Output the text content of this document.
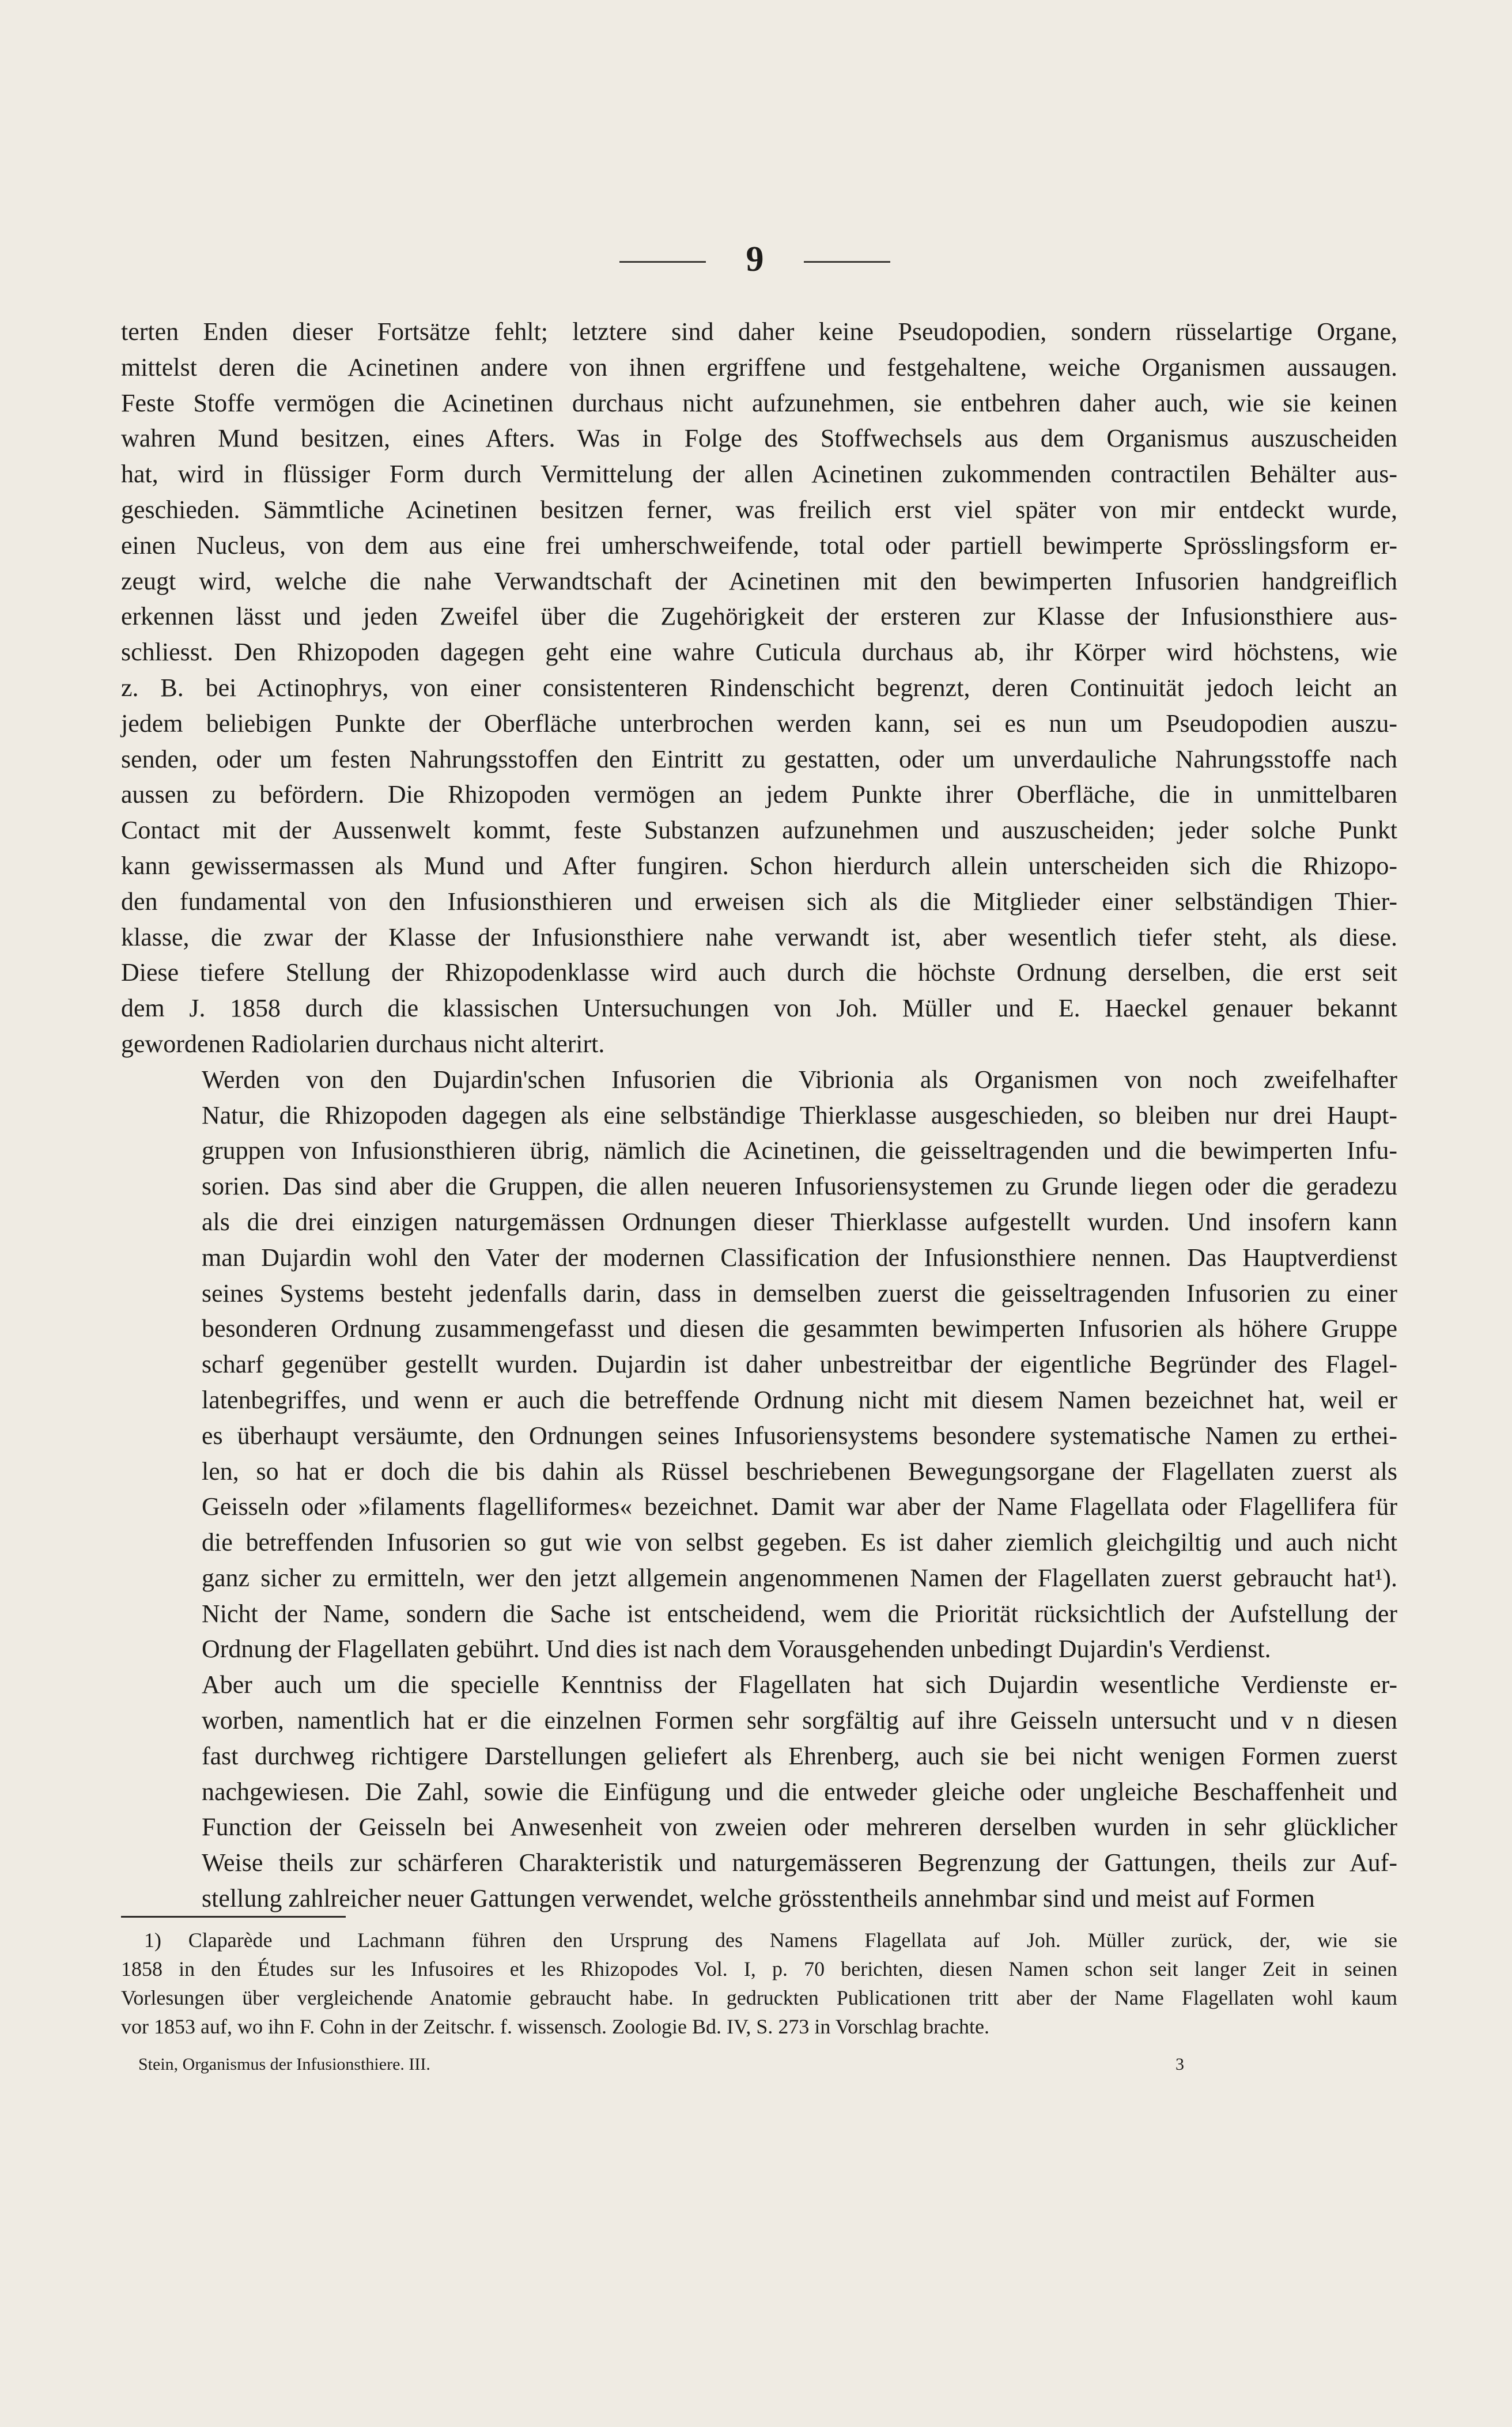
9

terten Enden dieser Fortsätze fehlt; letztere sind daher keine Pseudopodien, sondern rüsselartige Organe,
mittelst deren die Acinetinen andere von ihnen ergriffene und festgehaltene, weiche Organismen aussaugen.
Feste Stoffe vermögen die Acinetinen durchaus nicht aufzunehmen, sie entbehren daher auch, wie sie keinen
wahren Mund besitzen, eines Afters. Was in Folge des Stoffwechsels aus dem Organismus auszuscheiden
hat, wird in flüssiger Form durch Vermittelung der allen Acinetinen zukommenden contractilen Behälter aus-
geschieden. Sämmtliche Acinetinen besitzen ferner, was freilich erst viel später von mir entdeckt wurde,
einen Nucleus, von dem aus eine frei umherschweifende, total oder partiell bewimperte Sprösslingsform er-
zeugt wird, welche die nahe Verwandtschaft der Acinetinen mit den bewimperten Infusorien handgreiflich
erkennen lässt und jeden Zweifel über die Zugehörigkeit der ersteren zur Klasse der Infusionsthiere aus-
schliesst. Den Rhizopoden dagegen geht eine wahre Cuticula durchaus ab, ihr Körper wird höchstens, wie
z. B. bei Actinophrys, von einer consistenteren Rindenschicht begrenzt, deren Continuität jedoch leicht an
jedem beliebigen Punkte der Oberfläche unterbrochen werden kann, sei es nun um Pseudopodien auszu-
senden, oder um festen Nahrungsstoffen den Eintritt zu gestatten, oder um unverdauliche Nahrungsstoffe nach
aussen zu befördern. Die Rhizopoden vermögen an jedem Punkte ihrer Oberfläche, die in unmittelbaren
Contact mit der Aussenwelt kommt, feste Substanzen aufzunehmen und auszuscheiden; jeder solche Punkt
kann gewissermassen als Mund und After fungiren. Schon hierdurch allein unterscheiden sich die Rhizopo-
den fundamental von den Infusionsthieren und erweisen sich als die Mitglieder einer selbständigen Thier-
klasse, die zwar der Klasse der Infusionsthiere nahe verwandt ist, aber wesentlich tiefer steht, als diese.
Diese tiefere Stellung der Rhizopodenklasse wird auch durch die höchste Ordnung derselben, die erst seit
dem J. 1858 durch die klassischen Untersuchungen von Joh. Müller und E. Haeckel genauer bekannt
gewordenen Radiolarien durchaus nicht alterirt.

Werden von den Dujardin'schen Infusorien die Vibrionia als Organismen von noch zweifelhafter
Natur, die Rhizopoden dagegen als eine selbständige Thierklasse ausgeschieden, so bleiben nur drei Haupt-
gruppen von Infusionsthieren übrig, nämlich die Acinetinen, die geisseltragenden und die bewimperten Infu-
sorien. Das sind aber die Gruppen, die allen neueren Infusoriensystemen zu Grunde liegen oder die geradezu
als die drei einzigen naturgemässen Ordnungen dieser Thierklasse aufgestellt wurden. Und insofern kann
man Dujardin wohl den Vater der modernen Classification der Infusionsthiere nennen. Das Hauptverdienst
seines Systems besteht jedenfalls darin, dass in demselben zuerst die geisseltragenden Infusorien zu einer
besonderen Ordnung zusammengefasst und diesen die gesammten bewimperten Infusorien als höhere Gruppe
scharf gegenüber gestellt wurden. Dujardin ist daher unbestreitbar der eigentliche Begründer des Flagel-
latenbegriffes, und wenn er auch die betreffende Ordnung nicht mit diesem Namen bezeichnet hat, weil er
es überhaupt versäumte, den Ordnungen seines Infusoriensystems besondere systematische Namen zu erthei-
len, so hat er doch die bis dahin als Rüssel beschriebenen Bewegungsorgane der Flagellaten zuerst als
Geisseln oder »filaments flagelliformes« bezeichnet. Damit war aber der Name Flagellata oder Flagellifera für
die betreffenden Infusorien so gut wie von selbst gegeben. Es ist daher ziemlich gleichgiltig und auch nicht
ganz sicher zu ermitteln, wer den jetzt allgemein angenommenen Namen der Flagellaten zuerst gebraucht hat¹).
Nicht der Name, sondern die Sache ist entscheidend, wem die Priorität rücksichtlich der Aufstellung der
Ordnung der Flagellaten gebührt. Und dies ist nach dem Vorausgehenden unbedingt Dujardin's Verdienst.

Aber auch um die specielle Kenntniss der Flagellaten hat sich Dujardin wesentliche Verdienste er-
worben, namentlich hat er die einzelnen Formen sehr sorgfältig auf ihre Geisseln untersucht und v n diesen
fast durchweg richtigere Darstellungen geliefert als Ehrenberg, auch sie bei nicht wenigen Formen zuerst
nachgewiesen. Die Zahl, sowie die Einfügung und die entweder gleiche oder ungleiche Beschaffenheit und
Function der Geisseln bei Anwesenheit von zweien oder mehreren derselben wurden in sehr glücklicher
Weise theils zur schärferen Charakteristik und naturgemässeren Begrenzung der Gattungen, theils zur Auf-
stellung zahlreicher neuer Gattungen verwendet, welche grösstentheils annehmbar sind und meist auf Formen

1) Claparède und Lachmann führen den Ursprung des Namens Flagellata auf Joh. Müller zurück, der, wie sie
1858 in den Études sur les Infusoires et les Rhizopodes Vol. I, p. 70 berichten, diesen Namen schon seit langer Zeit in seinen
Vorlesungen über vergleichende Anatomie gebraucht habe. In gedruckten Publicationen tritt aber der Name Flagellaten wohl kaum
vor 1853 auf, wo ihn F. Cohn in der Zeitschr. f. wissensch. Zoologie Bd. IV, S. 273 in Vorschlag brachte.
Stein, Organismus der Infusionsthiere. III.	3
